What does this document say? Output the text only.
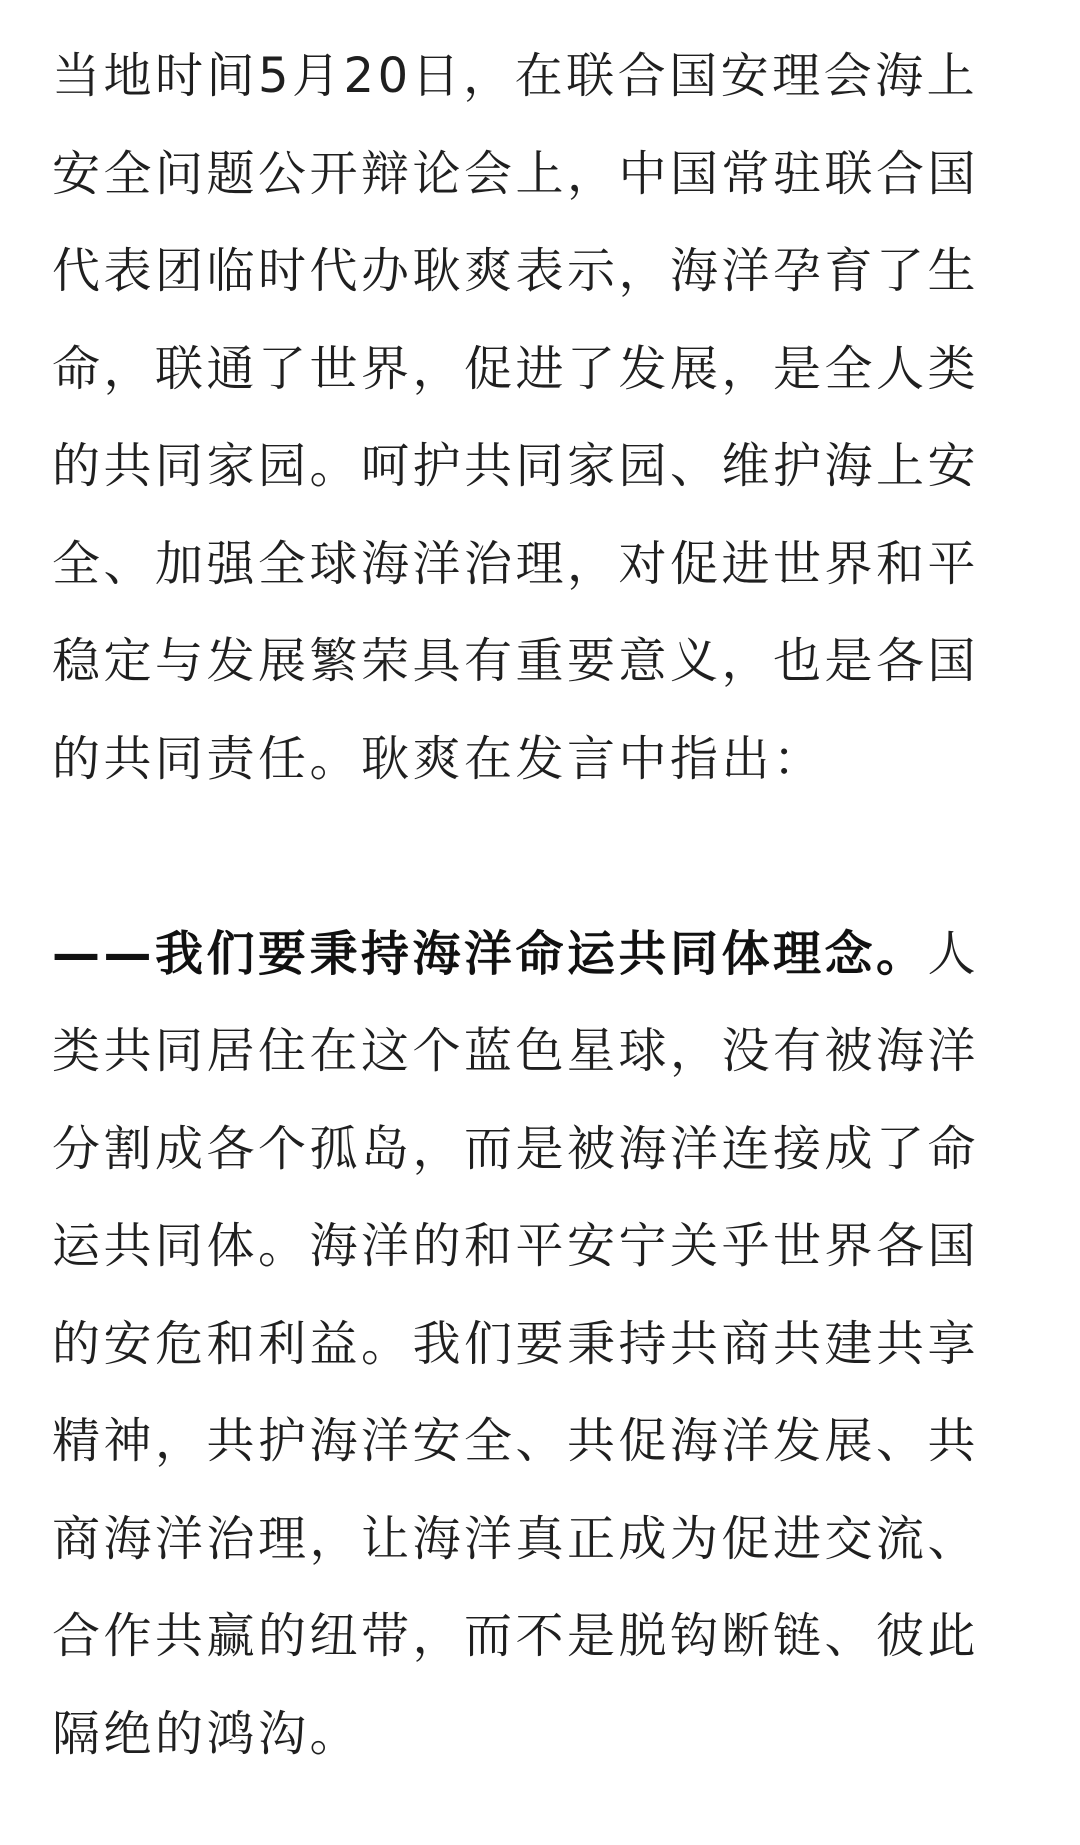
当地时间5月20日，在联合国安理会海上
安全问题公开辩论会上，中国常驻联合国
代表团临时代办耿爽表示，海洋孕育了生
命，联通了世界，促进了发展，是全人类
的共同家园。呵护共同家园、维护海上安
全、加强全球海洋治理，对促进世界和平
稳定与发展繁荣具有重要意义，也是各国
的共同责任。耿爽在发言中指出：
——我们要秉持海洋命运共同体理念。人
类共同居住在这个蓝色星球，没有被海洋
分割成各个孤岛，而是被海洋连接成了命
运共同体。海洋的和平安宁关乎世界各国
的安危和利益。我们要秉持共商共建共享
精神，共护海洋安全、共促海洋发展、共
商海洋治理，让海洋真正成为促进交流、
合作共赢的纽带，而不是脱钩断链、彼此
隔绝的鸿沟。
